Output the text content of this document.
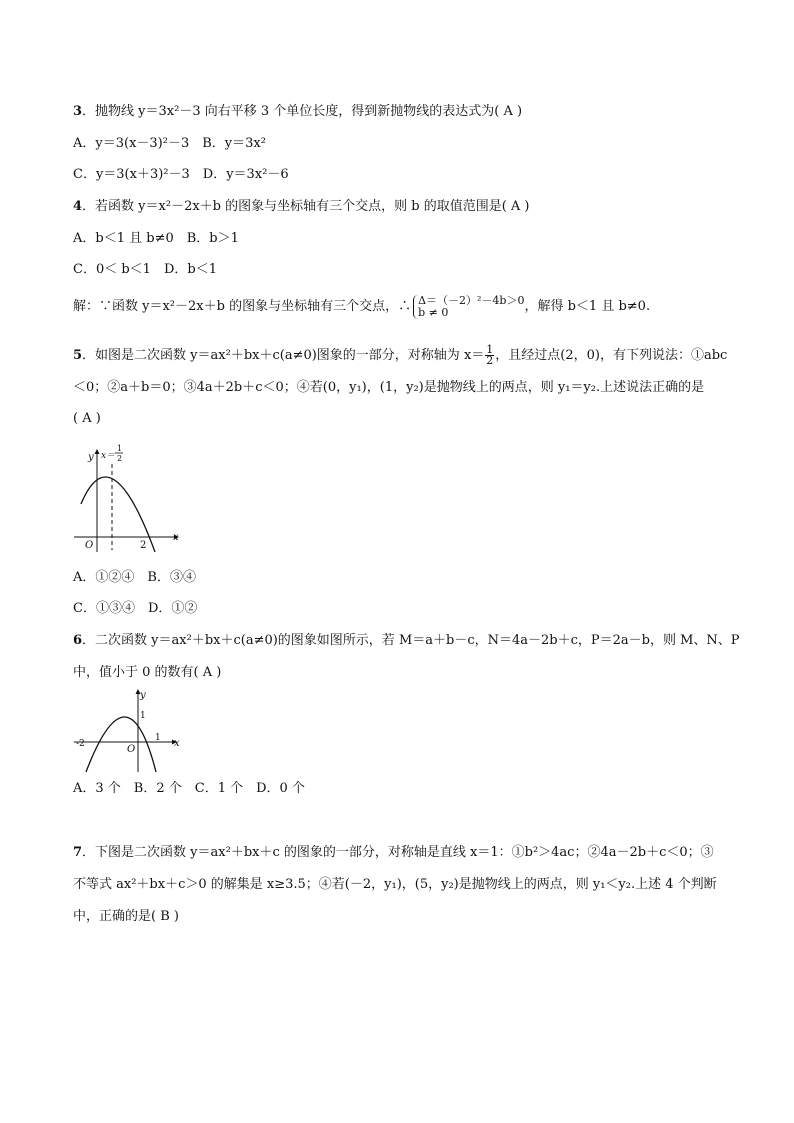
3．抛物线 y＝3x²－3 向右平移 3 个单位长度，得到新抛物线的表达式为( A )
A．y＝3(x－3)²－3　B．y＝3x²
C．y＝3(x＋3)²－3　D．y＝3x²－6
4．若函数 y＝x²－2x＋b 的图象与坐标轴有三个交点，则 b 的取值范围是( A )
A．b＜1 且 b≠0　B．b＞1
C．0＜ b＜1　D．b＜1
解：∵函数 y＝x²－2x＋b 的图象与坐标轴有三个交点，∴ Δ＝（－2）²－4b＞0
b ≠ 0	，解得 b＜1 且 b≠0.
5．如图是二次函数 y＝ax²＋bx＋c(a≠0)图象的一部分，对称轴为 $x= \frac{1}{2}$ ，且经过点(2，0)，有下列说法：①abc
＜0；②a＋b＝0；③4a＋2b＋c＜0；④若(0，y₁)，(1，y₂)是抛物线上的两点，则 y₁＝y₂.上述说法正确的是
( A )
y
x
O	2
x＝
1
2
A．①②④　B．③④
C．①③④　D．①②
6．二次函数 y＝ax²＋bx＋c(a≠0)的图象如图所示，若 M＝a＋b－c，N＝4a－2b＋c，P＝2a－b，则 M、N、P
中，值小于 0 的数有( A )
y
x
O
-2
1
1
A．3 个　B．2 个　C．1 个　D．0 个
7．下图是二次函数 y＝ax²＋bx＋c 的图象的一部分，对称轴是直线 x＝1：①b²＞4ac；②4a－2b＋c＜0；③
不等式 ax²＋bx＋c＞0 的解集是 x≥3.5；④若(－2，y₁)，(5，y₂)是抛物线上的两点，则 y₁＜y₂.上述 4 个判断
中，正确的是( B )
